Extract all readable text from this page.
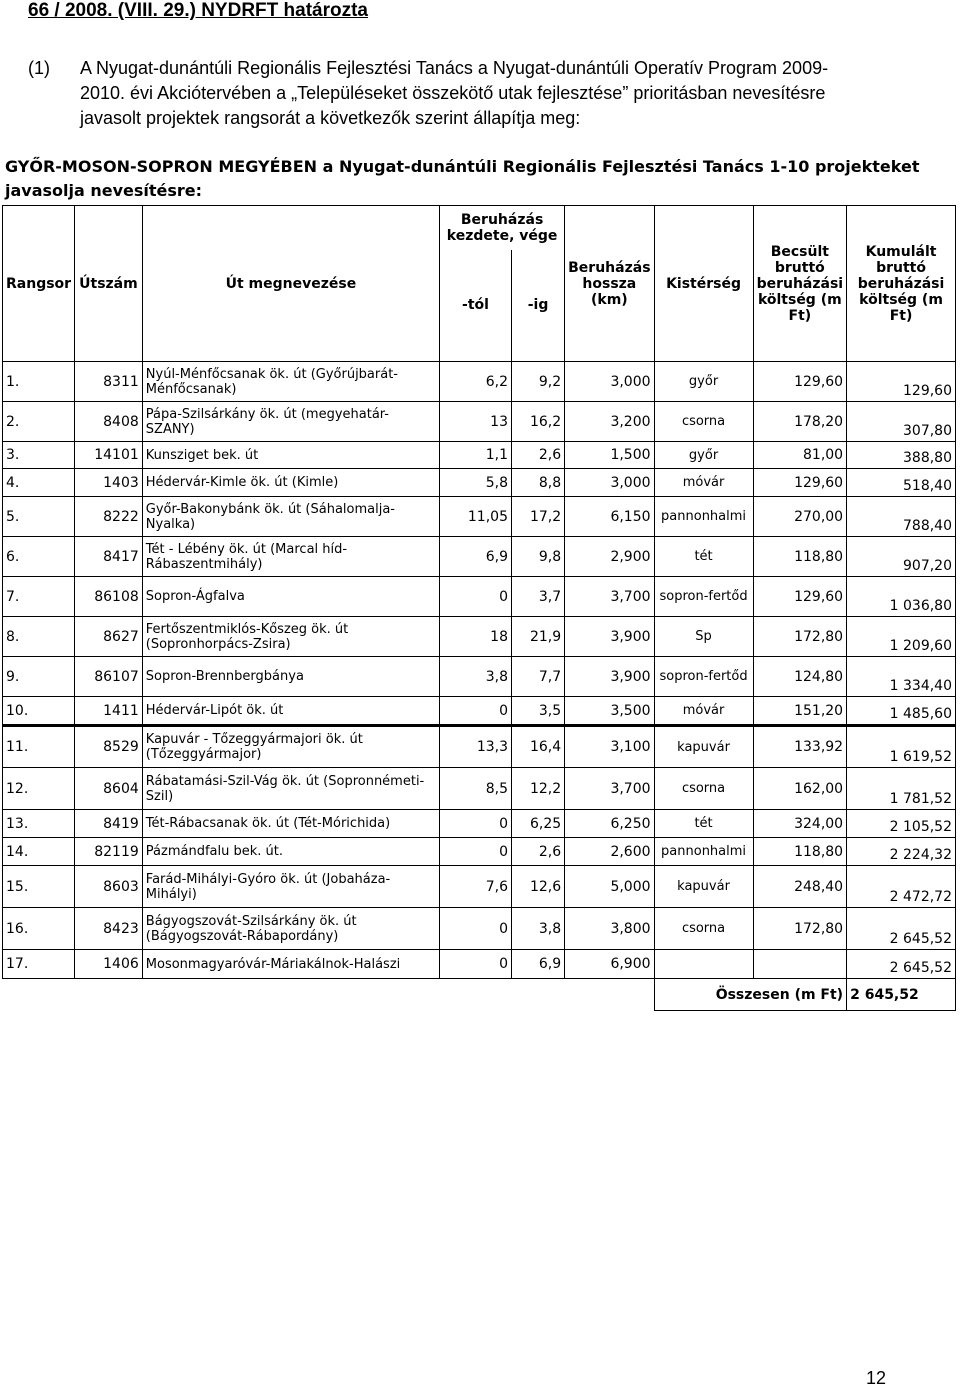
66 / 2008. (VIII. 29.) NYDRFT határozta
(1) A Nyugat-dunántúli Regionális Fejlesztési Tanács a Nyugat-dunántúli Operatív Program 2009-
2010. évi Akciótervében a „Településeket összekötő utak fejlesztése” prioritásban nevesítésre
javasolt projektek rangsorát a következők szerint állapítja meg:
GYŐR-MOSON-SOPRON MEGYÉBEN a Nyugat-dunántúli Regionális Fejlesztési Tanács 1-10 projekteket javasolja nevesítésre:
Rangsor	Útszám	Út megnevezése	Beruházás kezdete, vége		Beruházás hossza (km)	Kistérség	Becsült bruttó beruházási költség (m Ft)	Kumulált bruttó beruházási költség (m Ft)
			-tól	-ig				
1.	8311	Nyúl-Ménfőcsanak ök. út (Győrújbarát-Ménfőcsanak)	6,2	9,2	3,000	győr	129,60	129,60
2.	8408	Pápa-Szilsárkány ök. út (megyehatár-SZANY)	13	16,2	3,200	csorna	178,20	307,80
3.	14101	Kunsziget bek. út	1,1	2,6	1,500	győr	81,00	388,80
4.	1403	Hédervár-Kimle ök. út (Kimle)	5,8	8,8	3,000	móvár	129,60	518,40
5.	8222	Győr-Bakonybánk ök. út (Sáhalomalja-Nyalka)	11,05	17,2	6,150	pannonhalmi	270,00	788,40
6.	8417	Tét - Lébény ök. út (Marcal híd-Rábaszentmihály)	6,9	9,8	2,900	tét	118,80	907,20
7.	86108	Sopron-Ágfalva	0	3,7	3,700	sopron-fertőd	129,60	1 036,80
8.	8627	Fertőszentmiklós-Kőszeg ök. út (Sopronhorpács-Zsira)	18	21,9	3,900	Sp	172,80	1 209,60
9.	86107	Sopron-Brennbergbánya	3,8	7,7	3,900	sopron-fertőd	124,80	1 334,40
10.	1411	Hédervár-Lipót ök. út	0	3,5	3,500	móvár	151,20	1 485,60
11.	8529	Kapuvár - Tőzeggyármajori ök. út (Tőzeggyármajor)	13,3	16,4	3,100	kapuvár	133,92	1 619,52
12.	8604	Rábatamási-Szil-Vág ök. út (Sopronnémeti-Szil)	8,5	12,2	3,700	csorna	162,00	1 781,52
13.	8419	Tét-Rábacsanak ök. út (Tét-Mórichida)	0	6,25	6,250	tét	324,00	2 105,52
14.	82119	Pázmándfalu bek. út.	0	2,6	2,600	pannonhalmi	118,80	2 224,32
15.	8603	Farád-Mihályi-Gyóro ök. út (Jobaháza-Mihályi)	7,6	12,6	5,000	kapuvár	248,40	2 472,72
16.	8423	Bágyogszovát-Szilsárkány ök. út (Bágyogszovát-Rábapordány)	0	3,8	3,800	csorna	172,80	2 645,52
17.	1406	Mosonmagyaróvár-Máriakálnok-Halászi	0	6,9	6,900			2 645,52
						Összesen (m Ft)		2 645,52
12
